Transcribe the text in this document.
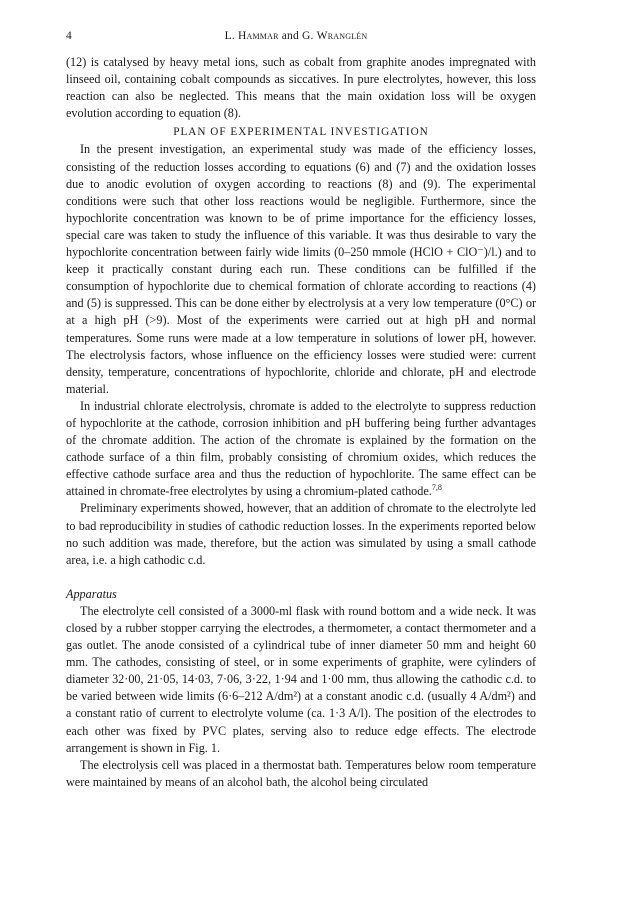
4	L. Hammar and G. Wranglén

(12) is catalysed by heavy metal ions, such as cobalt from graphite anodes impregnated with linseed oil, containing cobalt compounds as siccatives. In pure electrolytes, however, this loss reaction can also be neglected. This means that the main oxidation loss will be oxygen evolution according to equation (8).

PLAN OF EXPERIMENTAL INVESTIGATION

In the present investigation, an experimental study was made of the efficiency losses, consisting of the reduction losses according to equations (6) and (7) and the oxidation losses due to anodic evolution of oxygen according to reactions (8) and (9). The experimental conditions were such that other loss reactions would be negligible. Furthermore, since the hypochlorite concentration was known to be of prime importance for the efficiency losses, special care was taken to study the influence of this variable. It was thus desirable to vary the hypochlorite concentration between fairly wide limits (0–250 mmole (HClO + ClO⁻)/l.) and to keep it practically constant during each run. These conditions can be fulfilled if the consumption of hypochlorite due to chemical formation of chlorate according to reactions (4) and (5) is suppressed. This can be done either by electrolysis at a very low temperature (0°C) or at a high pH (>9). Most of the experiments were carried out at high pH and normal temperatures. Some runs were made at a low temperature in solutions of lower pH, however. The electrolysis factors, whose influence on the efficiency losses were studied were: current density, temperature, concentrations of hypochlorite, chloride and chlorate, pH and electrode material.

In industrial chlorate electrolysis, chromate is added to the electrolyte to suppress reduction of hypochlorite at the cathode, corrosion inhibition and pH buffering being further advantages of the chromate addition. The action of the chromate is explained by the formation on the cathode surface of a thin film, probably consisting of chromium oxides, which reduces the effective cathode surface area and thus the reduction of hypochlorite. The same effect can be attained in chromate-free electrolytes by using a chromium-plated cathode.$^{7,8}$

Preliminary experiments showed, however, that an addition of chromate to the electrolyte led to bad reproducibility in studies of cathodic reduction losses. In the experiments reported below no such addition was made, therefore, but the action was simulated by using a small cathode area, i.e. a high cathodic c.d.

Apparatus

The electrolyte cell consisted of a 3000-ml flask with round bottom and a wide neck. It was closed by a rubber stopper carrying the electrodes, a thermometer, a contact thermometer and a gas outlet. The anode consisted of a cylindrical tube of inner diameter 50 mm and height 60 mm. The cathodes, consisting of steel, or in some experiments of graphite, were cylinders of diameter 32·00, 21·05, 14·03, 7·06, 3·22, 1·94 and 1·00 mm, thus allowing the cathodic c.d. to be varied between wide limits (6·6–212 A/dm²) at a constant anodic c.d. (usually 4 A/dm²) and a constant ratio of current to electrolyte volume (ca. 1·3 A/l). The position of the electrodes to each other was fixed by PVC plates, serving also to reduce edge effects. The electrode arrangement is shown in Fig. 1.

The electrolysis cell was placed in a thermostat bath. Temperatures below room temperature were maintained by means of an alcohol bath, the alcohol being circulated
